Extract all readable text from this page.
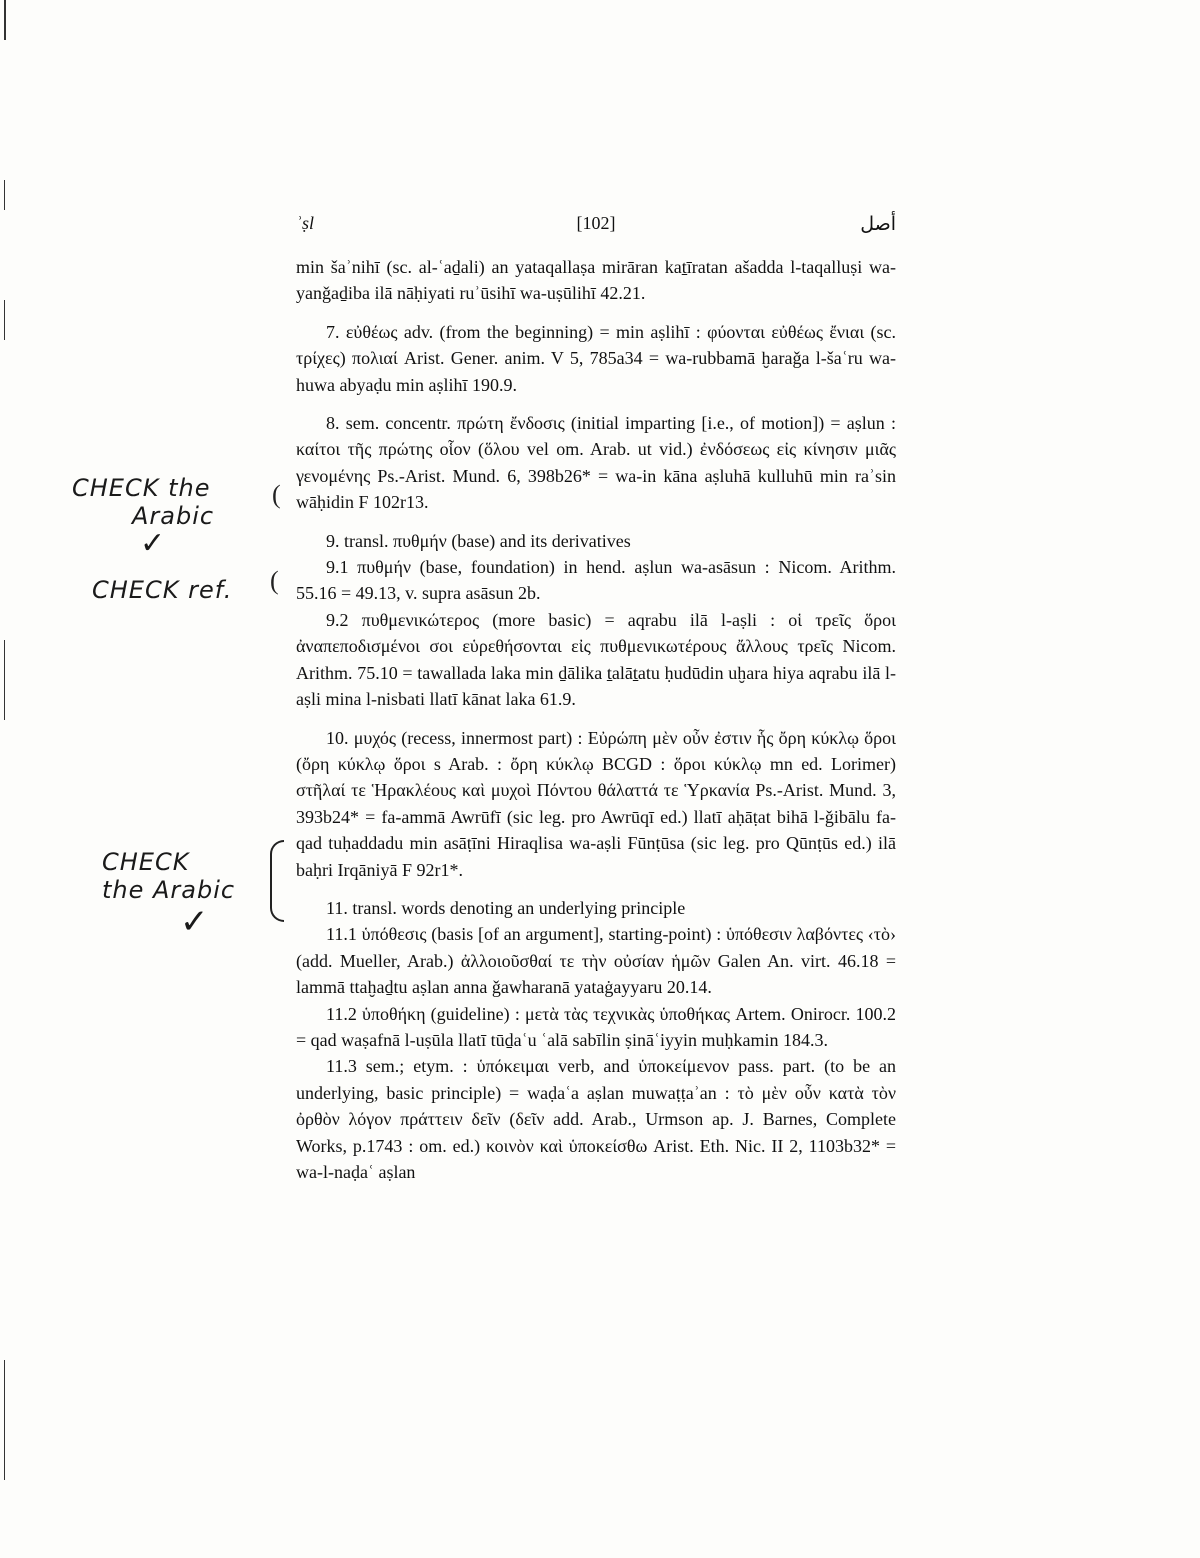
ʾṣl	[102]	أصل

min šaʾnihī (sc. al-ʿaḏali) an yataqallaṣa mirāran kaṯīratan ašadda l-taqalluṣi wa-yanǧaḏiba ilā nāḥiyati ruʾūsihī wa-uṣūlihī 42.21.

7. εὐθέως adv. (from the beginning) = min aṣlihī : φύονται εὐθέως ἔνιαι (sc. τρίχες) πολιαί Arist. Gener. anim. V 5, 785a34 = wa-rubbamā ḫaraǧa l-šaʿru wa-huwa abyaḍu min aṣlihī 190.9.

8. sem. concentr. πρώτη ἔνδοσις (initial imparting [i.e., of motion]) = aṣlun : καίτοι τῆς πρώτης οἷον (ὅλου vel om. Arab. ut vid.) ἐνδόσεως εἰς κίνησιν μιᾶς γενομένης Ps.-Arist. Mund. 6, 398b26* = wa-in kāna aṣluhā kulluhū min raʾsin wāḥidin F 102r13.

9. transl. πυθμήν (base) and its derivatives

9.1 πυθμήν (base, foundation) in hend. aṣlun wa-asāsun : Nicom. Arithm. 55.16 = 49.13, v. supra asāsun 2b.

9.2 πυθμενικώτερος (more basic) = aqrabu ilā l-aṣli : οἱ τρεῖς ὅροι ἀναπεποδισμένοι σοι εὑρεθήσονται εἰς πυθμενικωτέρους ἄλλους τρεῖς Nicom. Arithm. 75.10 = tawallada laka min ḏālika ṯalāṯatu ḥudūdin uḫara hiya aqrabu ilā l-aṣli mina l-nisbati llatī kānat laka 61.9.

10. μυχός (recess, innermost part) : Εὐρώπη μὲν οὖν ἐστιν ἧς ὄρη κύκλῳ ὅροι (ὄρη κύκλῳ ὅροι s Arab. : ὄρη κύκλῳ BCGD : ὅροι κύκλῳ mn ed. Lorimer) στῆλαί τε Ἡρακλέους καὶ μυχοὶ Πόντου θάλαττά τε Ὑρκανία Ps.-Arist. Mund. 3, 393b24* = fa-ammā Awrūfī (sic leg. pro Awrūqī ed.) llatī aḥāṭat bihā l-ǧibālu fa-qad tuḥaddadu min asāṭīni Hiraqlisa wa-aṣli Fūnṭūsa (sic leg. pro Qūnṭūs ed.) ilā baḥri Irqāniyā F 92r1*.

11. transl. words denoting an underlying principle

11.1 ὑπόθεσις (basis [of an argument], starting-point) : ὑπόθεσιν λαβόντες ‹τὸ› (add. Mueller, Arab.) ἀλλοιοῦσθαί τε τὴν οὐσίαν ἡμῶν Galen An. virt. 46.18 = lammā ttaḫaḏtu aṣlan anna ǧawharanā yataġayyaru 20.14.

11.2 ὑποθήκη (guideline) : μετὰ τὰς τεχνικὰς ὑποθήκας Artem. Onirocr. 100.2 = qad waṣafnā l-uṣūla llatī tūḏaʿu ʿalā sabīlin ṣināʿiyyin muḥkamin 184.3.

11.3 sem.; etym. : ὑπόκειμαι verb, and ὑποκείμενον pass. part. (to be an underlying, basic principle) = waḍaʿa aṣlan muwaṭṭaʾan : τὸ μὲν οὖν κατὰ τὸν ὀρθὸν λόγον πράττειν δεῖν (δεῖν add. Arab., Urmson ap. J. Barnes, Complete Works, p.1743 : om. ed.) κοινὸν καὶ ὑποκείσθω Arist. Eth. Nic. II 2, 1103b32* = wa-l-naḍaʿ aṣlan

CHECK the
Arabic
✓
(
CHECK ref. (
CHECK
the Arabic
✓
